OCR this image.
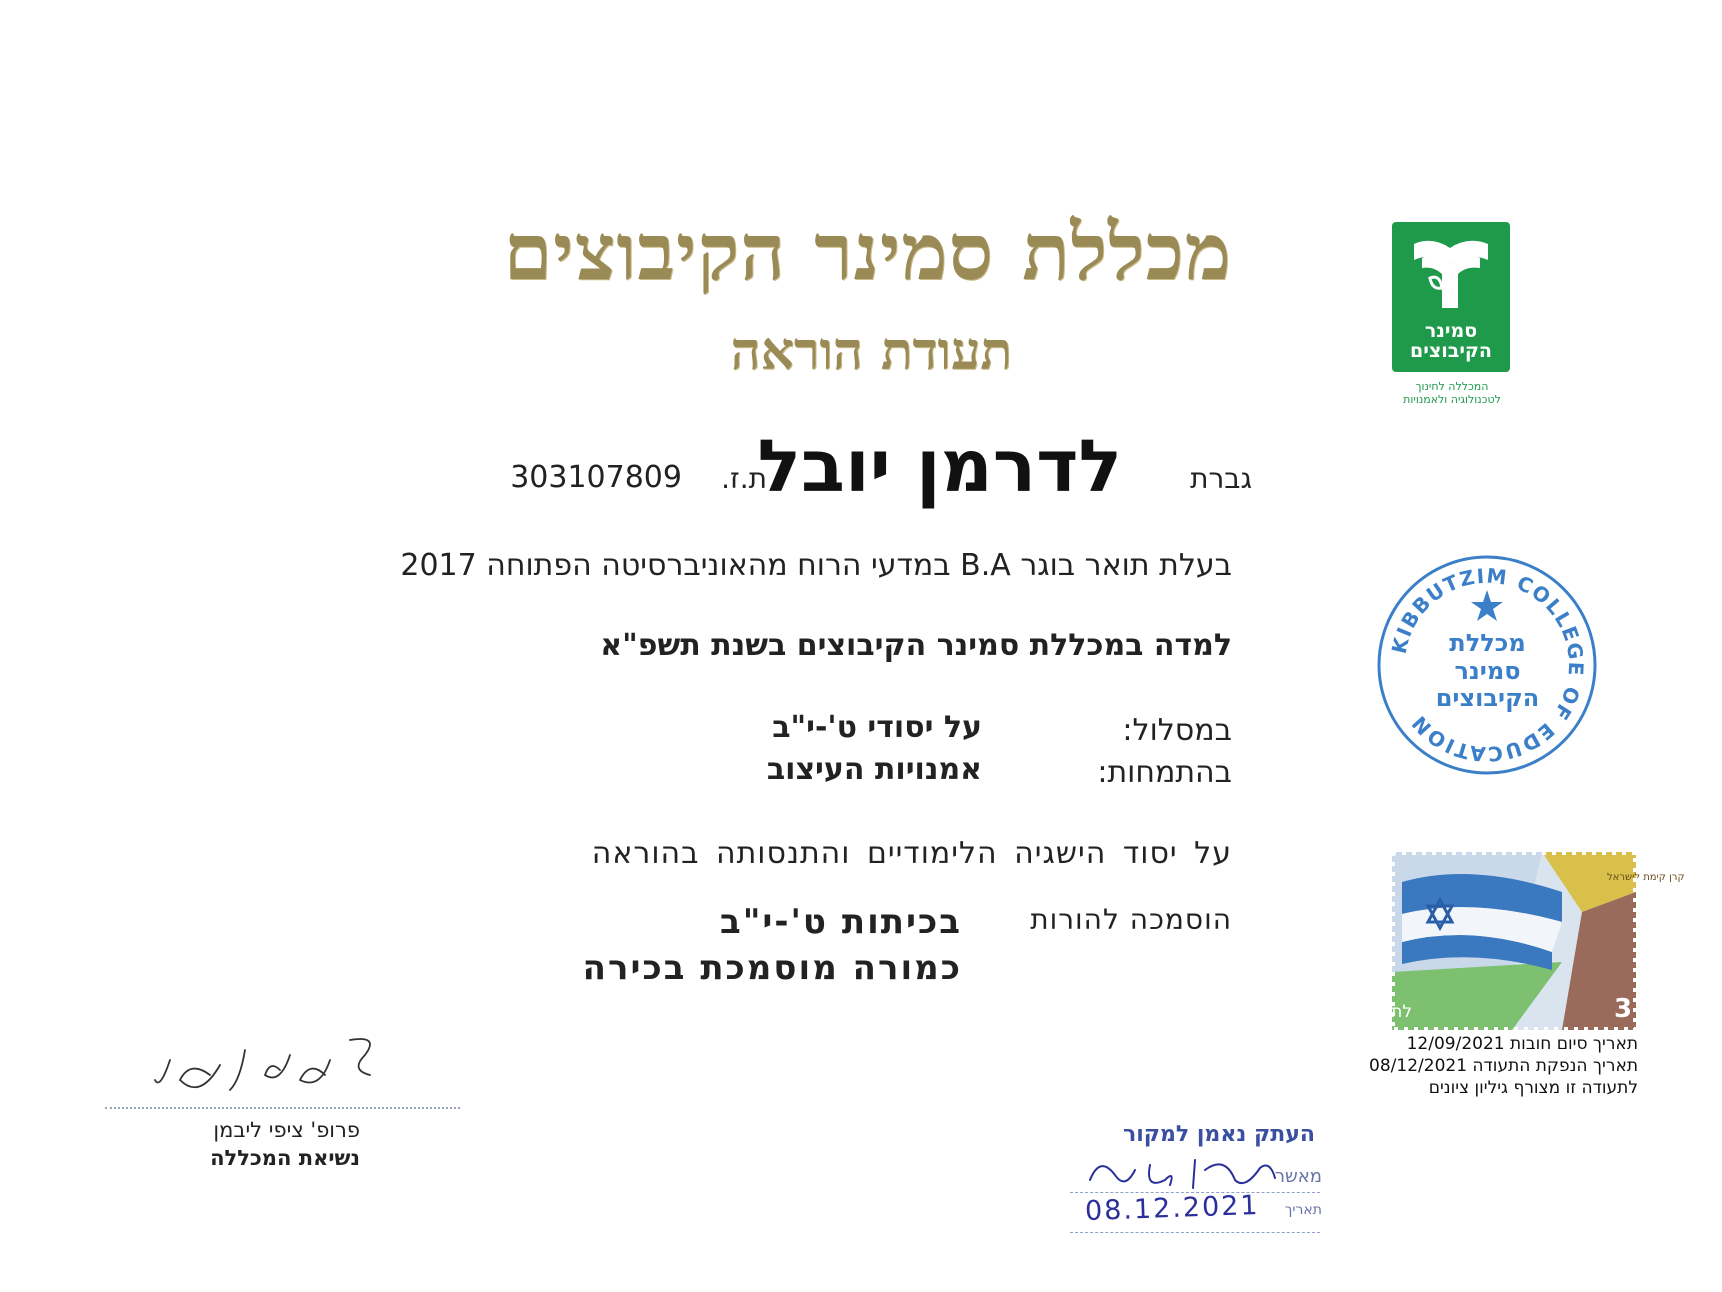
מכללת סמינר הקיבוצים
תעודת הוראה
גברת
לדרמן יובל
ת.ז.
303107809
בעלת תואר בוגר B.A במדעי הרוח מהאוניברסיטה הפתוחה 2017
למדה במכללת סמינר הקיבוצים בשנת תשפ"א
במסלול:
על יסודי ט'-י"ב
בהתמחות:
אמנויות העיצוב
על יסוד הישגיה הלימודיים והתנסותה בהוראה
הוסמכה להורות
בכיתות ט'-י"ב
כמורה מוסמכת בכירה
סמינר
הקיבוצים
המכללה לחינוך
לטכנולוגיה ולאמנויות
KIBBUTZIM COLLEGE OF EDUCATION
מכללת
סמינר
הקיבוצים
לתורה ולתעודה	3
קרן קימת לישראל
תאריך סיום חובות 12/09/2021
תאריך הנפקת התעודה 08/12/2021
לתעודה זו מצורף גיליון ציונים
פרופ' ציפי ליבמן
נשיאת המכללה
העתק נאמן למקור
מאשר
תאריך
08.12.2021
